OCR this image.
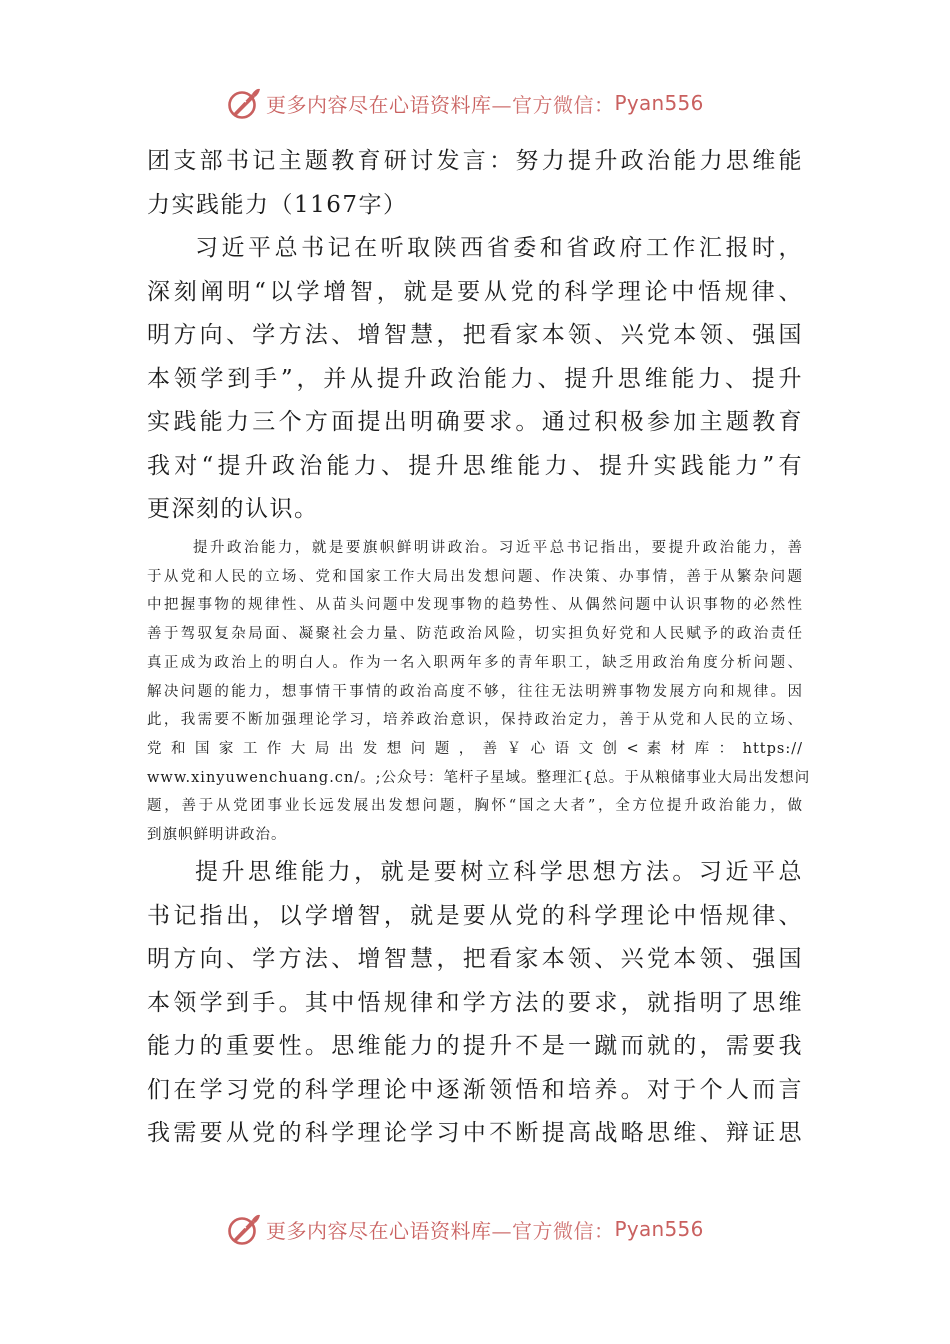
更多内容尽在心语资料库 —官方微信： Pyan556
团支部书记主题教育研讨发言：努力提升政治能力思维能
力实践能力（1167字）
习近平总书记在听取陕西省委和省政府工作汇报时，
深刻阐明“以学增智，就是要从党的科学理论中悟规律、
明方向、学方法、增智慧，把看家本领、兴党本领、强国
本领学到手”，并从提升政治能力、提升思维能力、提升
实践能力三个方面提出明确要求。通过积极参加主题教育
我对“提升政治能力、提升思维能力、提升实践能力”有
更深刻的认识。
提升政治能力，就是要旗帜鲜明讲政治。习近平总书记指出，要提升政治能力，善
于从党和人民的立场、党和国家工作大局出发想问题、作决策、办事情，善于从繁杂问题
中把握事物的规律性、从苗头问题中发现事物的趋势性、从偶然问题中认识事物的必然性
善于驾驭复杂局面、凝聚社会力量、防范政治风险，切实担负好党和人民赋予的政治责任
真正成为政治上的明白人。作为一名入职两年多的青年职工，缺乏用政治角度分析问题、
解决问题的能力，想事情干事情的政治高度不够，往往无法明辨事物发展方向和规律。因
此，我需要不断加强理论学习，培养政治意识，保持政治定力，善于从党和人民的立场、
党 和 国 家 工 作 大 局 出 发 想 问 题 ， 善 ￥ 心 语 文 创 < 素 材 库 ： https://
www.xinyuwenchuang.cn/。;公众号：笔杆子星域。整理汇{总。于从粮储事业大局出发想问
题，善于从党团事业长远发展出发想问题，胸怀“国之大者”，全方位提升政治能力，做
到旗帜鲜明讲政治。
提升思维能力，就是要树立科学思想方法。习近平总
书记指出，以学增智，就是要从党的科学理论中悟规律、
明方向、学方法、增智慧，把看家本领、兴党本领、强国
本领学到手。其中悟规律和学方法的要求，就指明了思维
能力的重要性。思维能力的提升不是一蹴而就的，需要我
们在学习党的科学理论中逐渐领悟和培养。对于个人而言
我需要从党的科学理论学习中不断提高战略思维、辩证思
更多内容尽在心语资料库 —官方微信： Pyan556
